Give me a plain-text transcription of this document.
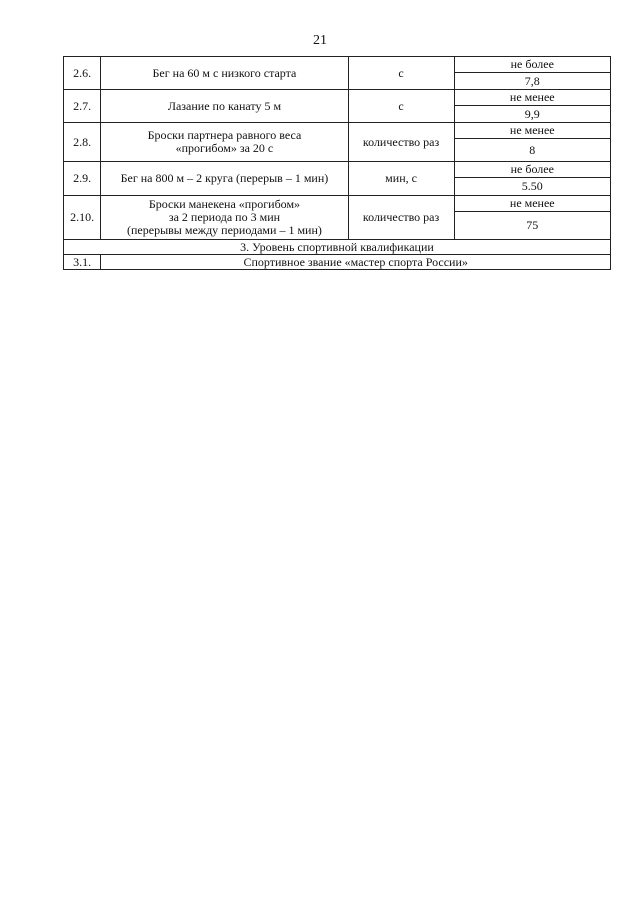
21
2.6.	Бег на 60 м с низкого старта	с	не более
			7,8
2.7.	Лазание по канату 5 м	с	не менее
			9,9
2.8.	Броски партнера равного веса
«прогибом» за 20 с	количество раз	не менее
			8
2.9.	Бег на 800 м – 2 круга (перерыв – 1 мин)	мин, с	не более
			5.50
2.10.	Броски манекена «прогибом»
за 2 периода по 3 мин
(перерывы между периодами – 1 мин)	количество раз	не менее
			75
3. Уровень спортивной квалификации			
3.1.	Спортивное звание «мастер спорта России»		
